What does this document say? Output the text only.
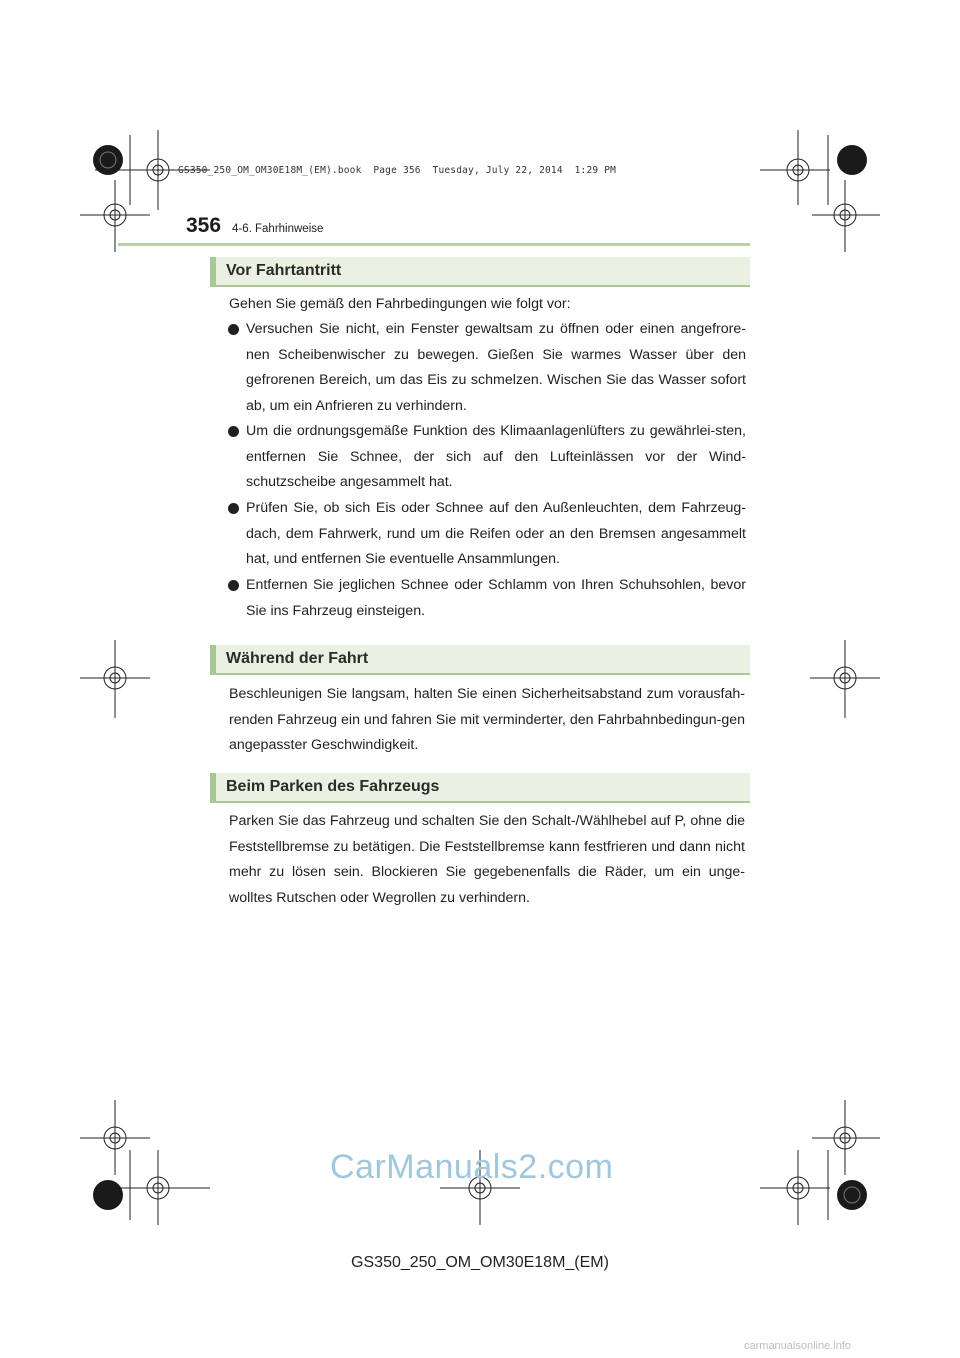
GS350_250_OM_OM30E18M_(EM).book  Page 356  Tuesday, July 22, 2014  1:29 PM
356 4-6. Fahrhinweise
Vor Fahrtantritt
Gehen Sie gemäß den Fahrbedingungen wie folgt vor:
Versuchen Sie nicht, ein Fenster gewaltsam zu öffnen oder einen angefrore-nen Scheibenwischer zu bewegen. Gießen Sie warmes Wasser über den gefrorenen Bereich, um das Eis zu schmelzen. Wischen Sie das Wasser sofort ab, um ein Anfrieren zu verhindern.
Um die ordnungsgemäße Funktion des Klimaanlagenlüfters zu gewährlei-sten, entfernen Sie Schnee, der sich auf den Lufteinlässen vor der Wind-schutzscheibe angesammelt hat.
Prüfen Sie, ob sich Eis oder Schnee auf den Außenleuchten, dem Fahrzeug-dach, dem Fahrwerk, rund um die Reifen oder an den Bremsen angesammelt hat, und entfernen Sie eventuelle Ansammlungen.
Entfernen Sie jeglichen Schnee oder Schlamm von Ihren Schuhsohlen, bevor Sie ins Fahrzeug einsteigen.
Während der Fahrt
Beschleunigen Sie langsam, halten Sie einen Sicherheitsabstand zum vorausfah-renden Fahrzeug ein und fahren Sie mit verminderter, den Fahrbahnbedingun-gen angepasster Geschwindigkeit.
Beim Parken des Fahrzeugs
Parken Sie das Fahrzeug und schalten Sie den Schalt-/Wählhebel auf P, ohne die Feststellbremse zu betätigen. Die Feststellbremse kann festfrieren und dann nicht mehr zu lösen sein. Blockieren Sie gegebenenfalls die Räder, um ein unge-wolltes Rutschen oder Wegrollen zu verhindern.
CarManuals2.com
GS350_250_OM_OM30E18M_(EM)
carmanualsonline.info
